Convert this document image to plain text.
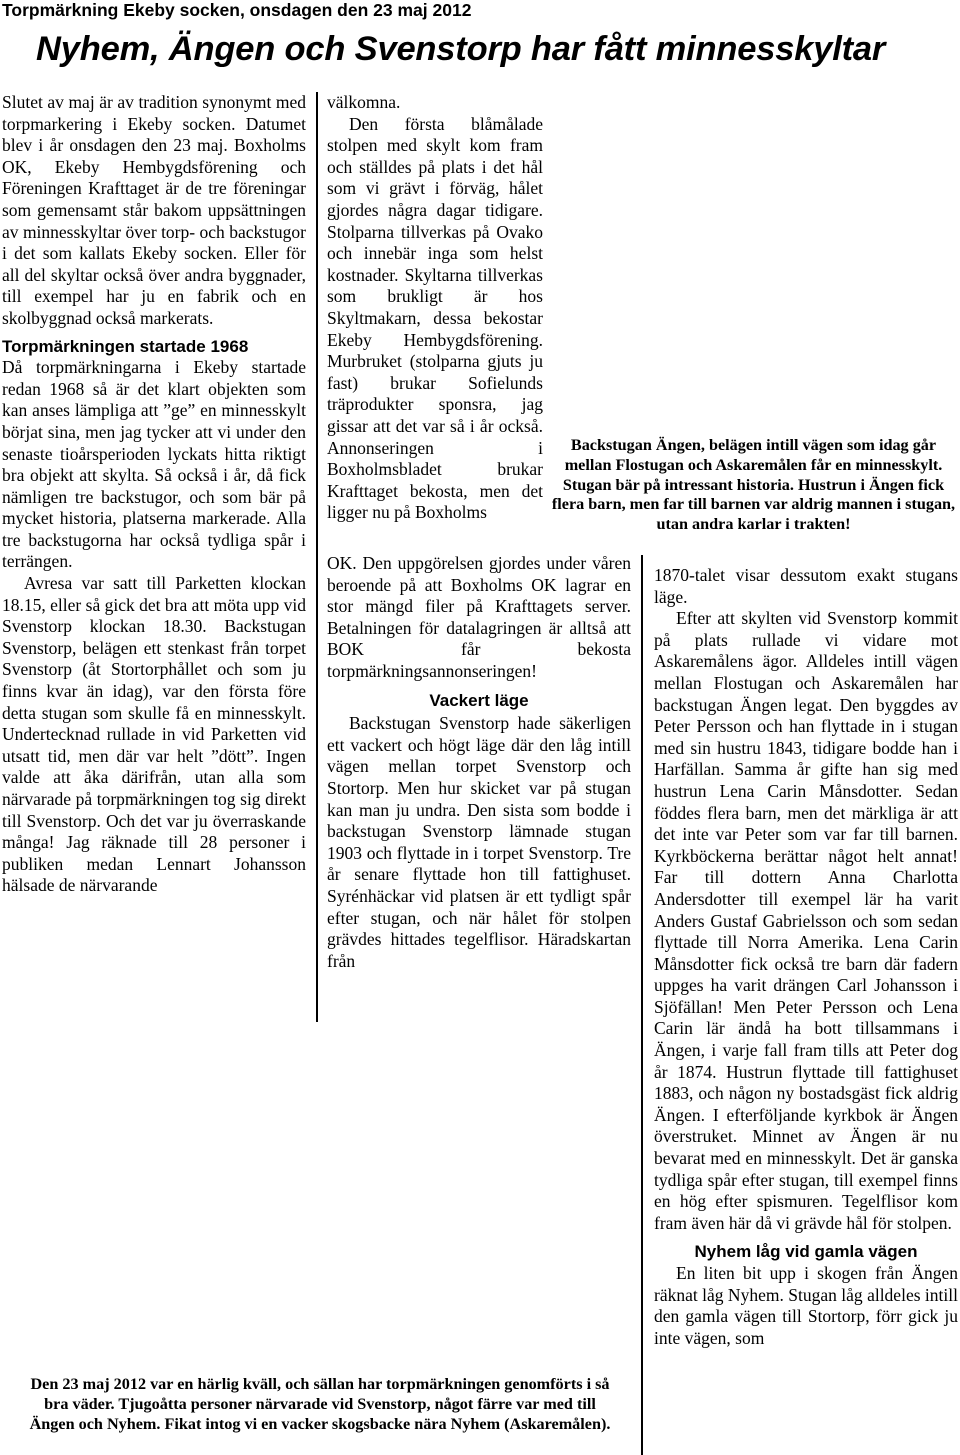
Torpmärkning Ekeby socken, onsdagen den 23 maj 2012
Nyhem, Ängen och Svenstorp har fått minnesskyltar

Slutet av maj är av tradition synonymt med torpmarkering i Ekeby socken. Datumet blev i år onsdagen den 23 maj. Boxholms OK, Ekeby Hembygdsförening och Föreningen Krafttaget är de tre föreningar som gemensamt står bakom uppsättningen av minnesskyltar över torp- och backstugor i det som kallats Ekeby socken. Eller för all del skyltar också över andra byggnader, till exempel har ju en fabrik och en skolbyggnad också markerats.

Torpmärkningen startade 1968

Då torpmärkningarna i Ekeby startade redan 1968 så är det klart objekten som kan anses lämpliga att ”ge” en minnesskylt börjat sina, men jag tycker att vi under den senaste tioårsperioden lyckats hitta riktigt bra objekt att skylta. Så också i år, då fick nämligen tre backstugor, och som bär på mycket historia, platserna markerade. Alla tre backstugorna har också tydliga spår i terrängen.

Avresa var satt till Parketten klockan 18.15, eller så gick det bra att möta upp vid Svenstorp klockan 18.30. Backstugan Svenstorp, belägen ett stenkast från torpet Svenstorp (åt Stortorphållet och som ju finns kvar än idag), var den första före detta stugan som skulle få en minnesskylt. Undertecknad rullade in vid Parketten vid utsatt tid, men där var helt ”dött”. Ingen valde att åka därifrån, utan alla som närvarade på torpmärkningen tog sig direkt till Svenstorp. Och det var ju överraskande många! Jag räknade till 28 personer i publiken medan Lennart Johansson hälsade de närvarande

välkomna.

Den första blåmålade stolpen med skylt kom fram och ställdes på plats i det hål som vi grävt i förväg, hålet gjordes några dagar tidigare. Stolparna tillverkas på Ovako och innebär inga som helst kostnader. Skyltarna tillverkas som brukligt är hos Skyltmakarn, dessa bekostar Ekeby Hembygdsförening. Murbruket (stolparna gjuts ju fast) brukar Sofielunds träprodukter sponsra, jag gissar att det var så i år också. Annonseringen i Boxholmsbladet brukar Krafttaget bekosta, men det ligger nu på Boxholms

Backstugan Ängen, belägen intill vägen som idag går mellan Flostugan och Askaremålen får en minnesskylt. Stugan bär på intressant historia. Hustrun i Ängen fick flera barn, men far till barnen var aldrig mannen i stugan, utan andra karlar i trakten!

OK. Den uppgörelsen gjordes under våren beroende på att Boxholms OK lagrar en stor mängd filer på Krafttagets server. Betalningen för datalagringen är alltså att BOK får bekosta torpmärkningsannonseringen!

Vackert läge

Backstugan Svenstorp hade säkerligen ett vackert och högt läge där den låg intill vägen mellan torpet Svenstorp och Stortorp. Men hur skicket var på stugan kan man ju undra. Den sista som bodde i backstugan Svenstorp lämnade stugan 1903 och flyttade in i torpet Svenstorp. Tre år senare flyttade hon till fattighuset. Syrénhäckar vid platsen är ett tydligt spår efter stugan, och när hålet för stolpen grävdes hittades tegelflisor. Häradskartan från

1870-talet visar dessutom exakt stugans läge.

Efter att skylten vid Svenstorp kommit på plats rullade vi vidare mot Askaremålens ägor. Alldeles intill vägen mellan Flostugan och Askaremålen har backstugan Ängen legat. Den byggdes av Peter Persson och han flyttade in i stugan med sin hustru 1843, tidigare bodde han i Harfällan. Samma år gifte han sig med hustrun Lena Carin Månsdotter. Sedan föddes flera barn, men det märkliga är att det inte var Peter som var far till barnen. Kyrkböckerna berättar något helt annat! Far till dottern Anna Charlotta Andersdotter till exempel lär ha varit Anders Gustaf Gabrielsson och som sedan flyttade till Norra Amerika. Lena Carin Månsdotter fick också tre barn där fadern uppges ha varit drängen Carl Johansson i Sjöfällan! Men Peter Persson och Lena Carin lär ändå ha bott tillsammans i Ängen, i varje fall fram tills att Peter dog år 1874. Hustrun flyttade till fattighuset 1883, och någon ny bostadsgäst fick aldrig Ängen. I efterföljande kyrkbok är Ängen överstruket. Minnet av Ängen är nu bevarat med en minnesskylt. Det är ganska tydliga spår efter stugan, till exempel finns en hög efter spismuren. Tegelflisor kom fram även här då vi grävde hål för stolpen.

Nyhem låg vid gamla vägen

En liten bit upp i skogen från Ängen räknat låg Nyhem. Stugan låg alldeles intill den gamla vägen till Stortorp, förr gick ju inte vägen, som

Den 23 maj 2012 var en härlig kväll, och sällan har torpmärkningen genomförts i så bra väder. Tjugoåtta personer närvarade vid Svenstorp, något färre var med till Ängen och Nyhem. Fikat intog vi en vacker skogsbacke nära Nyhem (Askaremålen).
